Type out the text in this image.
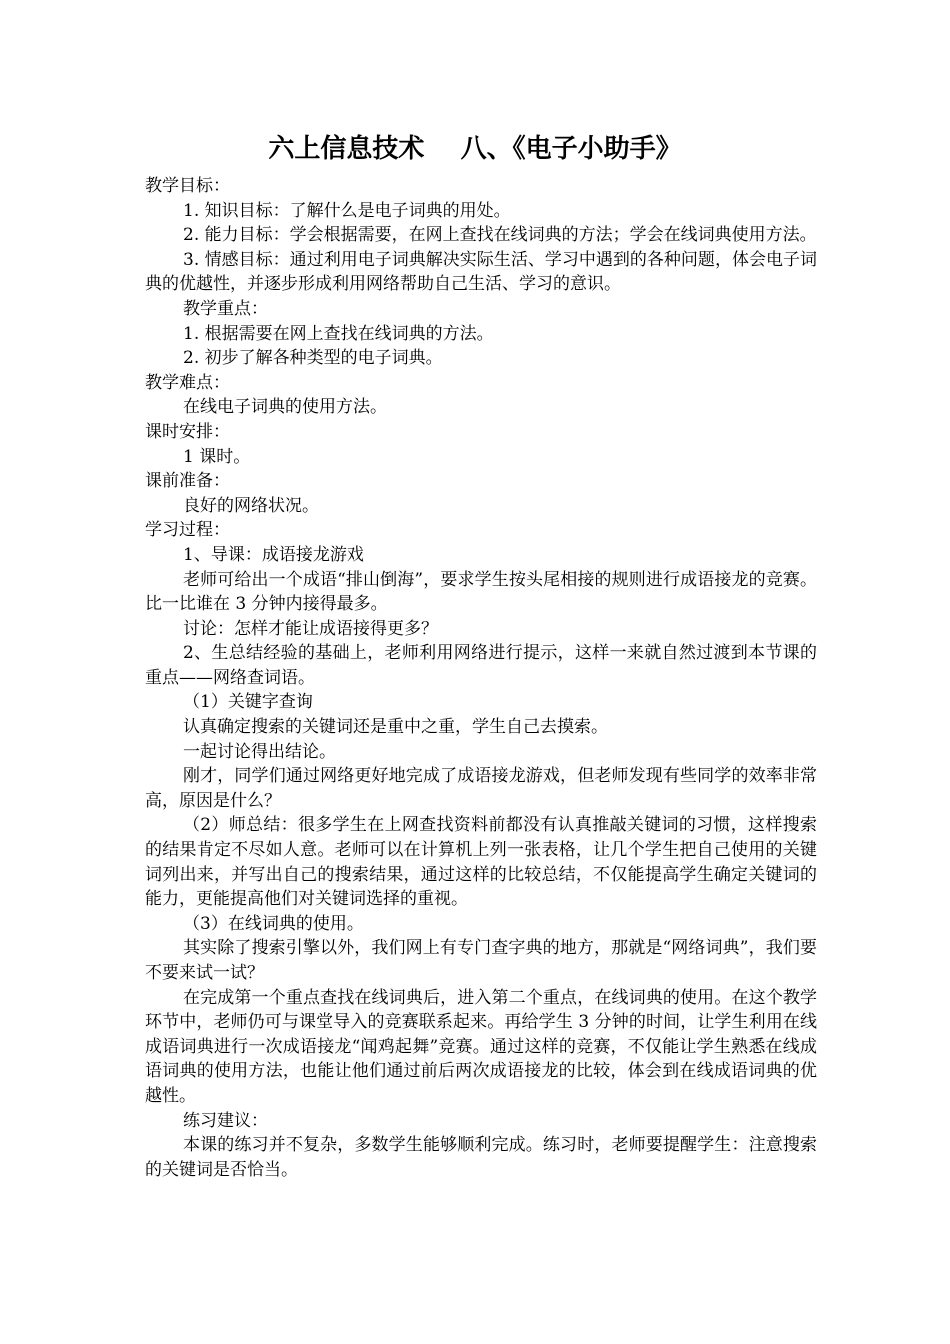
六上信息技术    八、《电子小助手》

教学目标：

1. 知识目标：了解什么是电子词典的用处。

2. 能力目标：学会根据需要，在网上查找在线词典的方法；学会在线词典使用方法。

3. 情感目标：通过利用电子词典解决实际生活、学习中遇到的各种问题，体会电子词典的优越性，并逐步形成利用网络帮助自己生活、学习的意识。

教学重点：

1. 根据需要在网上查找在线词典的方法。

2. 初步了解各种类型的电子词典。

教学难点：

在线电子词典的使用方法。

课时安排：

1 课时。

课前准备：

良好的网络状况。

学习过程：

1、导课：成语接龙游戏

老师可给出一个成语“排山倒海”，要求学生按头尾相接的规则进行成语接龙的竞赛。比一比谁在 3 分钟内接得最多。

讨论：怎样才能让成语接得更多？

2、生总结经验的基础上，老师利用网络进行提示，这样一来就自然过渡到本节课的重点——网络查词语。

（1）关键字查询

认真确定搜索的关键词还是重中之重，学生自己去摸索。

一起讨论得出结论。

刚才，同学们通过网络更好地完成了成语接龙游戏，但老师发现有些同学的效率非常高，原因是什么？

（2）师总结：很多学生在上网查找资料前都没有认真推敲关键词的习惯，这样搜索的结果肯定不尽如人意。老师可以在计算机上列一张表格，让几个学生把自己使用的关键词列出来，并写出自己的搜索结果，通过这样的比较总结，不仅能提高学生确定关键词的能力，更能提高他们对关键词选择的重视。

（3）在线词典的使用。

其实除了搜索引擎以外，我们网上有专门查字典的地方，那就是“网络词典”，我们要不要来试一试？

在完成第一个重点查找在线词典后，进入第二个重点，在线词典的使用。在这个教学环节中，老师仍可与课堂导入的竞赛联系起来。再给学生 3 分钟的时间，让学生利用在线成语词典进行一次成语接龙“闻鸡起舞”竞赛。通过这样的竞赛，不仅能让学生熟悉在线成语词典的使用方法，也能让他们通过前后两次成语接龙的比较，体会到在线成语词典的优越性。

练习建议：

本课的练习并不复杂，多数学生能够顺利完成。练习时，老师要提醒学生：注意搜索的关键词是否恰当。
